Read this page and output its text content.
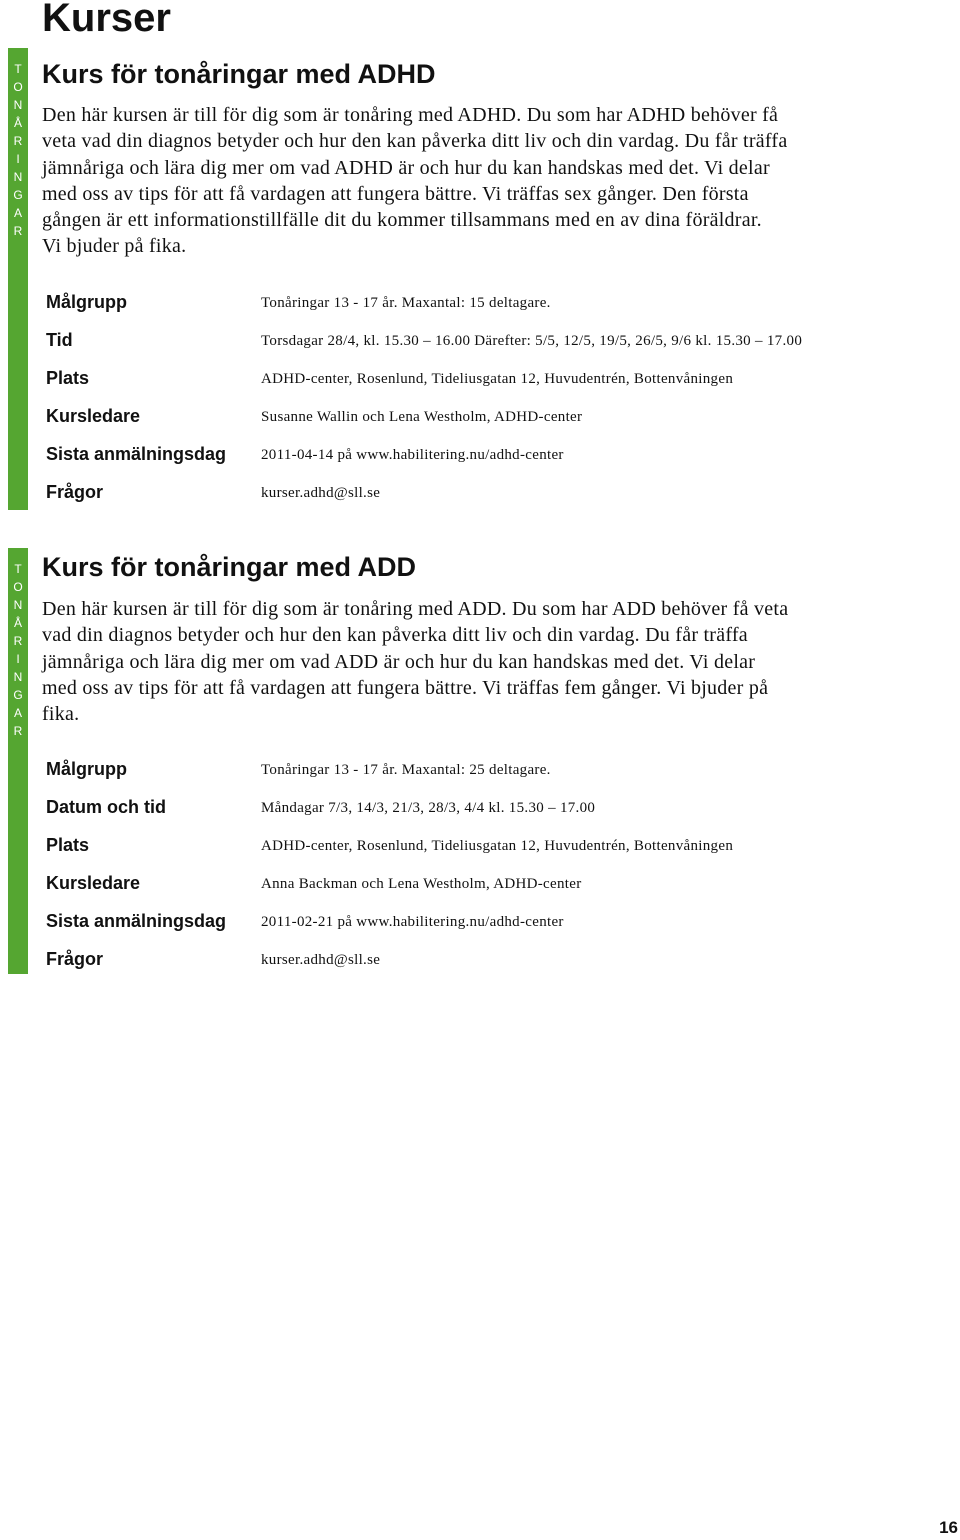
Kurser
T
O
N
Å
R
I
N
G
A
R
Kurs för tonåringar med ADHD
Den här kursen är till för dig som är tonåring med ADHD. Du som har ADHD behöver få
veta vad din diagnos betyder och hur den kan påverka ditt liv och din vardag. Du får träffa
jämnåriga och lära dig mer om vad ADHD är och hur du kan handskas med det. Vi delar
med oss av tips för att få vardagen att fungera bättre. Vi träffas sex gånger. Den första
gången är ett informationstillfälle dit du kommer tillsammans med en av dina föräldrar.
Vi bjuder på fika.
Målgrupp	Tonåringar 13 - 17 år. Maxantal: 15 deltagare.
Tid	Torsdagar 28/4, kl. 15.30 – 16.00 Därefter: 5/5, 12/5, 19/5, 26/5, 9/6 kl. 15.30 – 17.00
Plats	ADHD-center, Rosenlund, Tideliusgatan 12, Huvudentrén, Bottenvåningen
Kursledare	Susanne Wallin och Lena Westholm, ADHD-center
Sista anmälningsdag 2011-04-14 på www.habilitering.nu/adhd-center
Frågor	kurser.adhd@sll.se
T
O
N
Å
R
I
N
G
A
R
Kurs för tonåringar med ADD
Den här kursen är till för dig som är tonåring med ADD. Du som har ADD behöver få veta
vad din diagnos betyder och hur den kan påverka ditt liv och din vardag. Du får träffa
jämnåriga och lära dig mer om vad ADD är och hur du kan handskas med det. Vi delar
med oss av tips för att få vardagen att fungera bättre. Vi träffas fem gånger. Vi bjuder på
fika.
Målgrupp	Tonåringar 13 - 17 år. Maxantal: 25 deltagare.
Datum och tid	Måndagar 7/3, 14/3, 21/3, 28/3, 4/4 kl. 15.30 – 17.00
Plats	ADHD-center, Rosenlund, Tideliusgatan 12, Huvudentrén, Bottenvåningen
Kursledare	Anna Backman och Lena Westholm, ADHD-center
Sista anmälningsdag 2011-02-21 på www.habilitering.nu/adhd-center
Frågor	kurser.adhd@sll.se
16
